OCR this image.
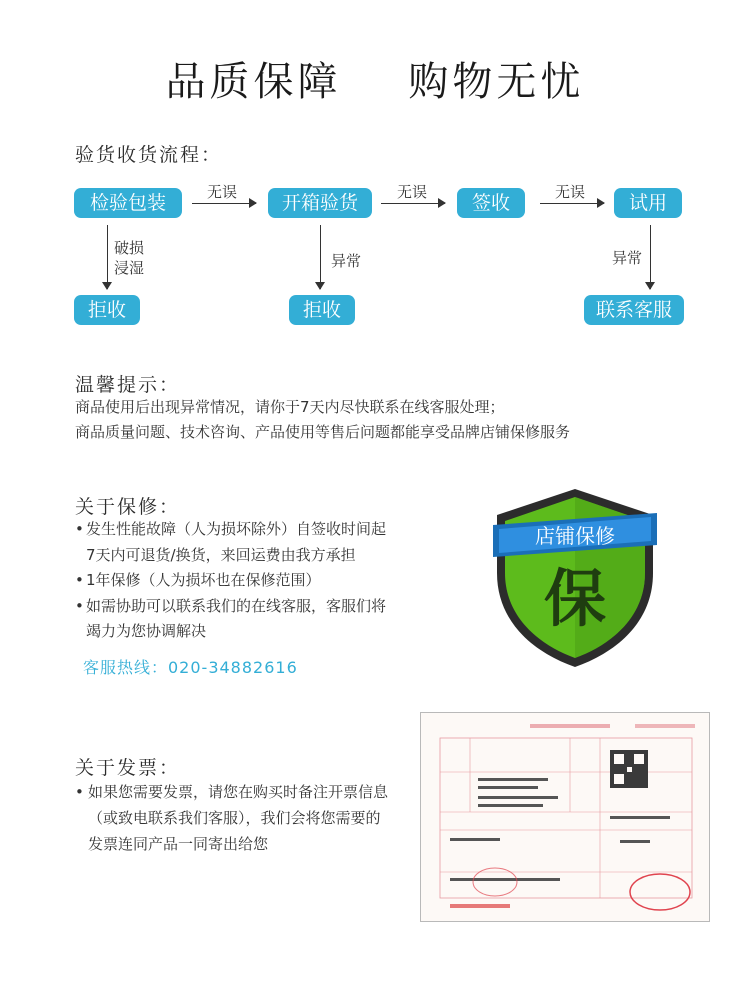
品质保障    购物无忧
验货收货流程：
检验包装	开箱验货	签收	试用
无误	无误	无误
破损
浸湿
拒收
异常
拒收
异常
联系客服
温馨提示：
商品使用后出现异常情况，请你于7天内尽快联系在线客服处理；
商品质量问题、技术咨询、产品使用等售后问题都能享受品牌店铺保修服务
关于保修：
• 发生性能故障（人为损坏除外）自签收时间起
7天内可退货/换货，来回运费由我方承担
• 1年保修（人为损坏也在保修范围）
• 如需协助可以联系我们的在线客服，客服们将
竭力为您协调解决
客服热线：020-34882616
店铺保修
保
关于发票：
• 如果您需要发票，请您在购买时备注开票信息
（或致电联系我们客服），我们会将您需要的
发票连同产品一同寄出给您
